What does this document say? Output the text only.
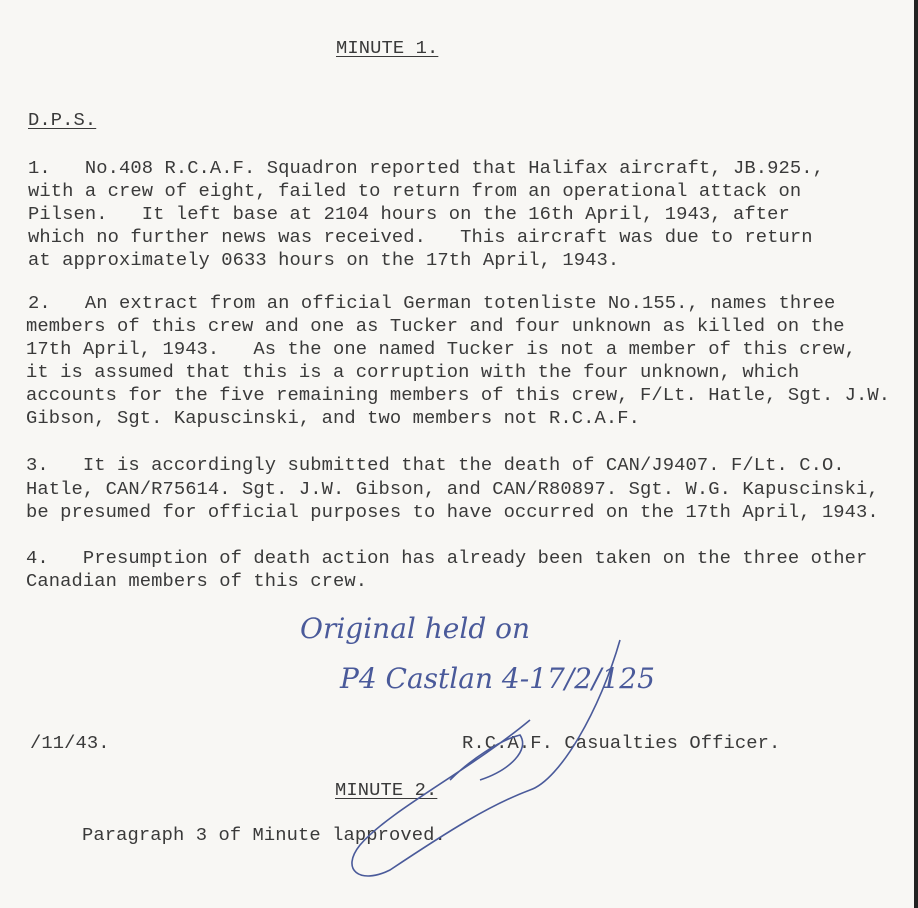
MINUTE 1.
D.P.S.
1.   No.408 R.C.A.F. Squadron reported that Halifax aircraft, JB.925.,
with a crew of eight, failed to return from an operational attack on
Pilsen.   It left base at 2104 hours on the 16th April, 1943, after
which no further news was received.   This aircraft was due to return
at approximately 0633 hours on the 17th April, 1943.
2.   An extract from an official German totenliste No.155., names three
members of this crew and one as Tucker and four unknown as killed on the
17th April, 1943.   As the one named Tucker is not a member of this crew,
it is assumed that this is a corruption with the four unknown, which
accounts for the five remaining members of this crew, F/Lt. Hatle, Sgt. J.W.
Gibson, Sgt. Kapuscinski, and two members not R.C.A.F.
3.   It is accordingly submitted that the death of CAN/J9407. F/Lt. C.O.
Hatle, CAN/R75614. Sgt. J.W. Gibson, and CAN/R80897. Sgt. W.G. Kapuscinski,
be presumed for official purposes to have occurred on the 17th April, 1943.
4.   Presumption of death action has already been taken on the three other
Canadian members of this crew.
Original held on
P4 Castlan 4-17/2/125
/11/43.	R.C.A.F. Casualties Officer.
MINUTE 2.
Paragraph 3 of Minute lapproved.
